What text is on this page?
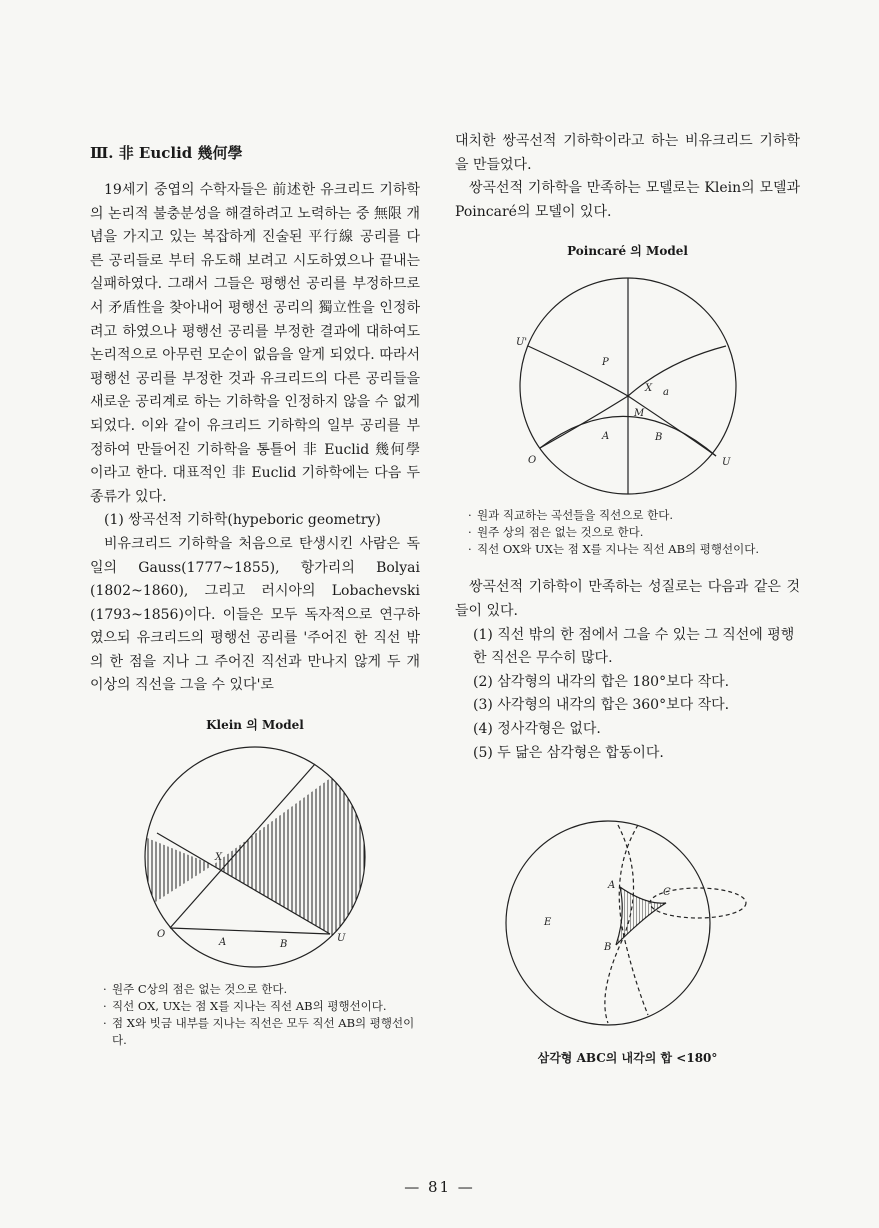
Ⅲ. 非 Euclid 幾何學

19세기 중엽의 수학자들은 前述한 유크리드 기하학의 논리적 불충분성을 해결하려고 노력하는 중 無限 개념을 가지고 있는 복잡하게 진술된 平行線 공리를 다른 공리들로 부터 유도해 보려고 시도하였으나 끝내는 실패하였다. 그래서 그들은 평행선 공리를 부정하므로서 矛盾性을 찾아내어 평행선 공리의 獨立性을 인정하려고 하였으나 평행선 공리를 부정한 결과에 대하여도 논리적으로 아무런 모순이 없음을 알게 되었다. 따라서 평행선 공리를 부정한 것과 유크리드의 다른 공리들을 새로운 공리계로 하는 기하학을 인정하지 않을 수 없게 되었다. 이와 같이 유크리드 기하학의 일부 공리를 부정하여 만들어진 기하학을 통틀어 非 Euclid 幾何學이라고 한다. 대표적인 非 Euclid 기하학에는 다음 두 종류가 있다.

(1) 쌍곡선적 기하학(hypeboric geometry)

비유크리드 기하학을 처음으로 탄생시킨 사람은 독일의 Gauss(1777~1855), 항가리의 Bolyai (1802~1860), 그리고 러시아의 Lobachevski (1793~1856)이다. 이들은 모두 독자적으로 연구하였으되 유크리드의 평행선 공리를 '주어진 한 직선 밖의 한 점을 지나 그 주어진 직선과 만나지 않게 두 개 이상의 직선을 그을 수 있다'로

Klein 의 Model
X
O
A	B
U
· 원주 C상의 점은 없는 것으로 한다.
· 직선 OX, UX는 점 X를 지나는 직선 AB의 평행선이다.
· 점 X와 빗금 내부를 지나는 직선은 모두 직선 AB의 평행선이다.

대치한 쌍곡선적 기하학이라고 하는 비유크리드 기하학을 만들었다.

쌍곡선적 기하학을 만족하는 모델로는 Klein의 모델과 Poincaré의 모델이 있다.

Poincaré 의 Model
U'
P
X a
M
A	B
O	U
· 원과 직교하는 곡선들을 직선으로 한다.
· 원주 상의 점은 없는 것으로 한다.
· 직선 OX와 UX는 점 X를 지나는 직선 AB의 평행선이다.

쌍곡선적 기하학이 만족하는 성질로는 다음과 같은 것들이 있다.

(1) 직선 밖의 한 점에서 그을 수 있는 그 직선에 평행한 직선은 무수히 많다.
(2) 삼각형의 내각의 합은 180°보다 작다.
(3) 사각형의 내각의 합은 360°보다 작다.
(4) 정사각형은 없다.
(5) 두 닮은 삼각형은 합동이다.
A
C
B
E
삼각형 ABC의 내각의 합 <180°
— 81 —
